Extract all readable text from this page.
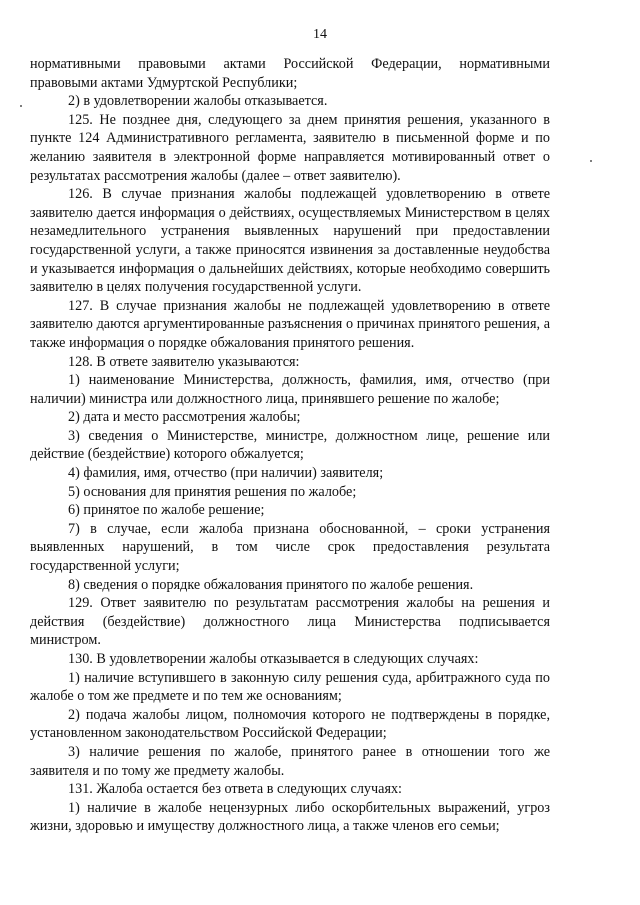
14

нормативными правовыми актами Российской Федерации, нормативными правовыми актами Удмуртской Республики;

2) в удовлетворении жалобы отказывается.

125. Не позднее дня, следующего за днем принятия решения, указанного в пункте 124 Административного регламента, заявителю в письменной форме и по желанию заявителя в электронной форме направляется мотивированный ответ о результатах рассмотрения жалобы (далее – ответ заявителю).

126. В случае признания жалобы подлежащей удовлетворению в ответе заявителю дается информация о действиях, осуществляемых Министерством в целях незамедлительного устранения выявленных нарушений при предоставлении государственной услуги, а также приносятся извинения за доставленные неудобства и указывается информация о дальнейших действиях, которые необходимо совершить заявителю в целях получения государственной услуги.

127. В случае признания жалобы не подлежащей удовлетворению в ответе заявителю даются аргументированные разъяснения о причинах принятого решения, а также информация о порядке обжалования принятого решения.

128. В ответе заявителю указываются:

1) наименование Министерства, должность, фамилия, имя, отчество (при наличии) министра или должностного лица, принявшего решение по жалобе;

2) дата и место рассмотрения жалобы;

3) сведения о Министерстве, министре, должностном лице, решение или действие (бездействие) которого обжалуется;

4) фамилия, имя, отчество (при наличии) заявителя;

5) основания для принятия решения по жалобе;

6) принятое по жалобе решение;

7) в случае, если жалоба признана обоснованной, – сроки устранения выявленных нарушений, в том числе срок предоставления результата государственной услуги;

8) сведения о порядке обжалования принятого по жалобе решения.

129. Ответ заявителю по результатам рассмотрения жалобы на решения и действия (бездействие) должностного лица Министерства подписывается министром.

130. В удовлетворении жалобы отказывается в следующих случаях:

1) наличие вступившего в законную силу решения суда, арбитражного суда по жалобе о том же предмете и по тем же основаниям;

2) подача жалобы лицом, полномочия которого не подтверждены в порядке, установленном законодательством Российской Федерации;

3) наличие решения по жалобе, принятого ранее в отношении того же заявителя и по тому же предмету жалобы.

131. Жалоба остается без ответа в следующих случаях:

1) наличие в жалобе нецензурных либо оскорбительных выражений, угроз жизни, здоровью и имуществу должностного лица, а также членов его семьи;
